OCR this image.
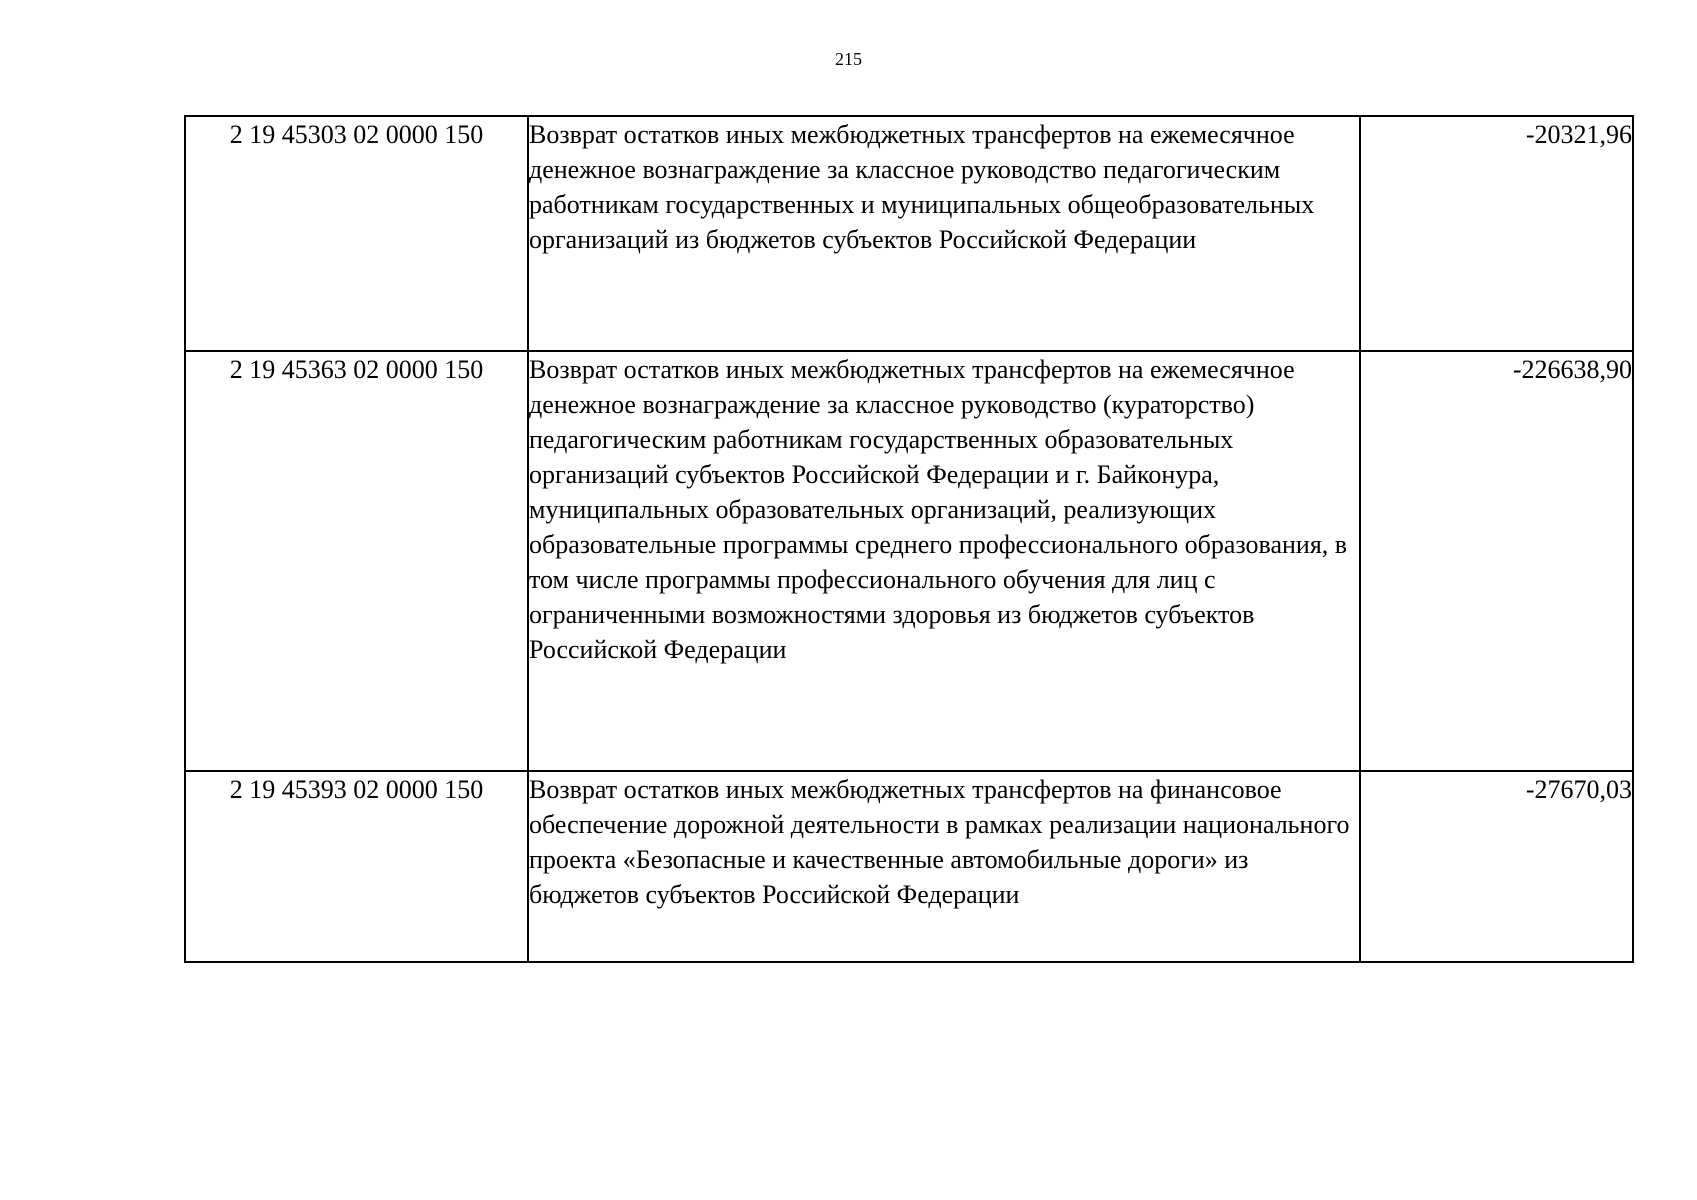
215
2 19 45303 02 0000 150	Возврат остатков иных межбюджетных трансфертов на ежемесячное денежное вознаграждение за классное руководство педагогическим работникам государственных и муниципальных общеобразовательных организаций из бюджетов субъектов Российской Федерации	-20321,96
2 19 45363 02 0000 150	Возврат остатков иных межбюджетных трансфертов на ежемесячное денежное вознаграждение за классное руководство (кураторство) педагогическим работникам государственных образовательных организаций субъектов Российской Федерации и г. Байконура, муниципальных образовательных организаций, реализующих образовательные программы среднего профессионального образования, в том числе программы профессионального обучения для лиц с ограниченными возможностями здоровья из бюджетов субъектов Российской Федерации	-226638,90
2 19 45393 02 0000 150	Возврат остатков иных межбюджетных трансфертов на финансовое обеспечение дорожной деятельности в рамках реализации национального проекта «Безопасные и качественные автомобильные дороги» из бюджетов субъектов Российской Федерации	-27670,03
